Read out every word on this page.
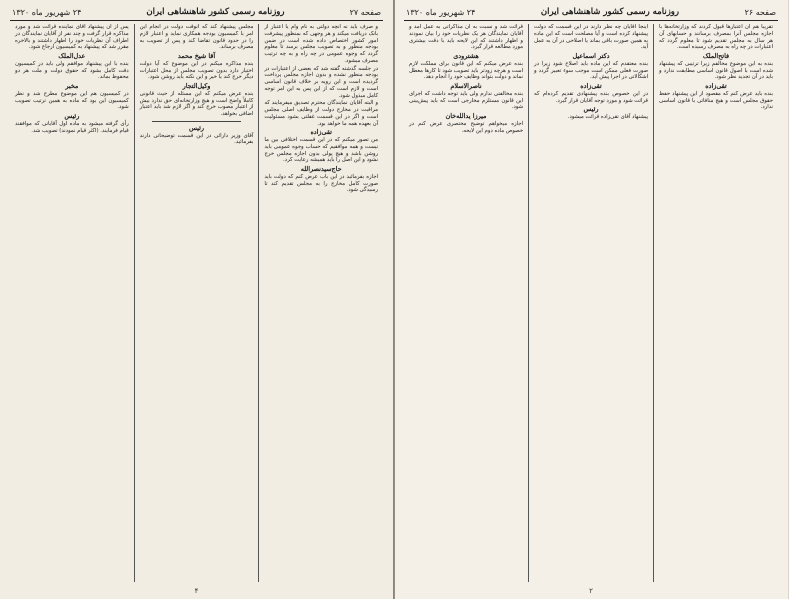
صفحه ۲۷
روزنامه رسمی کشور شاهنشاهی ایران
۲۴ شهریور ماه ۱۳۲۰

و صرف باید نه آنچه دولتی به نام وام یا اعتبار از بانک دریافت میکند و هر وجهی که بمنظور پیشرفت امور کشور اختصاص داده شده است در ضمن بودجه منظور و به تصویب مجلس برسد تا معلوم گردد که وجوه عمومی در چه راه و به چه ترتیب مصرف میشود.

در جلسه گذشته گفته شد که بعضی از اعتبارات در بودجه منظور نشده و بدون اجازه مجلس پرداخت گردیده است و این رویه بر خلاف قانون اساسی است و لازم است که از این پس به این امر توجه کامل مبذول شود.

و البته آقایان نمایندگان محترم تصدیق میفرمایند که مراقبت در مخارج دولت از وظایف اصلی مجلس است و اگر در این قسمت غفلتی بشود مسئولیت آن بعهده همه ما خواهد بود.

تقی‌زاده

من تصور میکنم که در این قسمت اختلافی بین ما نیست و همه موافقیم که حساب وجوه عمومی باید روشن باشد و هیچ پولی بدون اجازه مجلس خرج نشود و این اصل را باید همیشه رعایت کرد.

حاج‌سید‌نصرالله

اجازه بفرمائید در این باب عرض کنم که دولت باید صورت کامل مخارج را به مجلس تقدیم کند تا رسیدگی شود.

مجلس پیشنهاد کند که آنوقت دولت در انجام این امر با کمیسیون بودجه همکاری نماید و اعتبار لازم را در حدود قانون تقاضا کند و پس از تصویب به مصرف برساند.

آقا شیخ محمد

بنده مذاکره میکنم در این موضوع که آیا دولت اختیار دارد بدون تصویب مجلس از محل اعتبارات دیگر خرج کند یا خیر و این نکته باید روشن شود.

وکیل‌التجار

بنده عرض میکنم که این مسئله از حیث قانونی کاملاً واضح است و هیچ وزارتخانه‌ای حق ندارد بیش از اعتبار مصوب خرج کند و اگر لازم شد باید اعتبار اضافی بخواهد.

رئیس

آقای وزیر دارائی در این قسمت توضیحاتی دارند بفرمائید.

پس از آن پیشنهاد آقای نماینده قرائت شد و مورد مذاکره قرار گرفت و چند نفر از آقایان نمایندگان در اطراف آن نظریات خود را اظهار داشتند و بالاخره مقرر شد که پیشنهاد به کمیسیون ارجاع شود.

عدل‌الملک

بنده با این پیشنهاد موافقم ولی باید در کمیسیون دقت کامل بشود که حقوق دولت و ملت هر دو محفوظ بماند.

مخبر

در کمیسیون هم این موضوع مطرح شد و نظر کمیسیون این بود که ماده به همین ترتیب تصویب شود.

رئیس

رأی گرفته میشود به ماده اول آقایانی که موافقند قیام فرمایند. (اکثر قیام نمودند) تصویب شد.

۴
صفحه ۲۶
روزنامه رسمی کشور شاهنشاهی ایران
۲۴ شهریور ماه ۱۳۲۰

تقریباً هم آن اعتبارها قبول کردند که وزارتخانه‌ها با اجازه مجلس آنرا بمصرف برسانند و حسابهای آن هر سال به مجلس تقدیم شود تا معلوم گردد که اعتبارات در چه راه به مصرف رسیده است.

فاتح‌الملک

بنده به این موضوع مخالفم زیرا ترتیبی که پیشنهاد شده است با اصول قانون اساسی مطابقت ندارد و باید در آن تجدید نظر شود.

تقی‌زاده

بنده باید عرض کنم که مقصود از این پیشنهاد حفظ حقوق مجلس است و هیچ منافاتی با قانون اساسی ندارد.

اینجا آقایان چه نظر دارند در این قسمت که دولت پیشنهاد کرده است و آیا مصلحت است که این ماده به همین صورت باقی بماند یا اصلاحی در آن به عمل آید.

دکتر اسماعیل

بنده معتقدم که این ماده باید اصلاح شود زیرا در صورت فعلی ممکن است موجب سوء تعبیر گردد و اشکالاتی در اجرا پیش آید.

تقی‌زاده

در این خصوص بنده پیشنهادی تقدیم کرده‌ام که قرائت شود و مورد توجه آقایان قرار گیرد.

رئیس

پیشنهاد آقای تقی‌زاده قرائت میشود.

قرائت شد و نسبت به آن مذاکراتی به عمل آمد و آقایان نمایندگان هر یک نظریات خود را بیان نمودند و اظهار داشتند که این لایحه باید با دقت بیشتری مورد مطالعه قرار گیرد.

هشترودی

بنده عرض میکنم که این قانون برای مملکت لازم است و هرچه زودتر باید تصویب شود تا کارها معطل نماند و دولت بتواند وظایف خود را انجام دهد.

ناصرالاسلام

بنده مخالفتی ندارم ولی باید توجه داشت که اجرای این قانون مستلزم مخارجی است که باید پیش‌بینی شود.

میرزا یدالله‌خان

اجازه میخواهم توضیح مختصری عرض کنم در خصوص ماده دوم این لایحه.

۲
